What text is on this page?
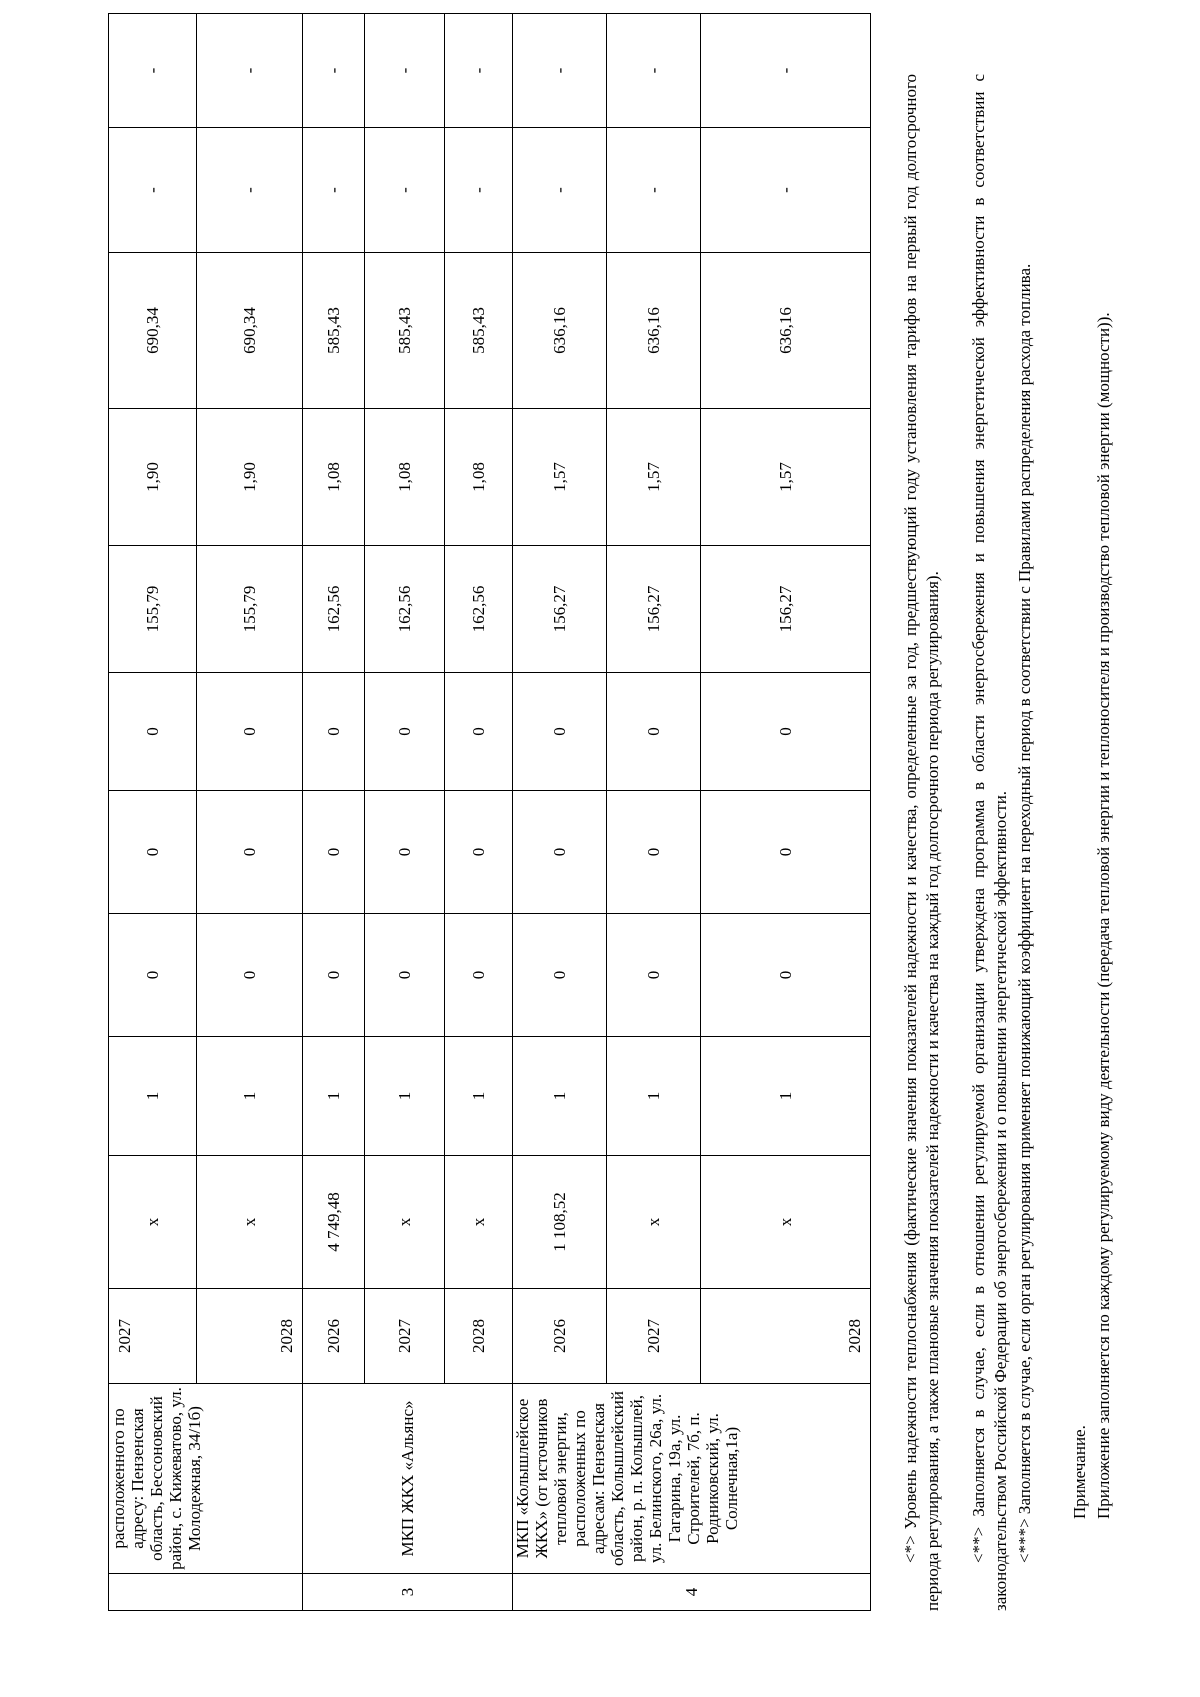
	расположенного по адресу: Пензенская область, Бессоновский район, с. Кижеватово, ул. Молодежная, 34/1б)	2027	x	1	0	0	0	155,79	1,90	690,34	-	-
		2028	x	1	0	0	0	155,79	1,90	690,34	-	-
3	МКП ЖКХ «Альянс»	2026	4 749,48	1	0	0	0	162,56	1,08	585,43	-	-
		2027	x	1	0	0	0	162,56	1,08	585,43	-	-
		2028	x	1	0	0	0	162,56	1,08	585,43	-	-
4	МКП «Колышлейское ЖКХ» (от источников тепловой энергии, расположенных по адресам: Пензенская область, Колышлейский район, р. п. Колышлей, ул. Белинского, 26а, ул. Гагарина, 19а, ул. Строителей, 7б, п. Родниковский, ул. Солнечная,1а)	2026	1 108,52	1	0	0	0	156,27	1,57	636,16	-	-
		2027	x	1	0	0	0	156,27	1,57	636,16	-	-
		2028	x	1	0	0	0	156,27	1,57	636,16	-	-
<*> Уровень надежности теплоснабжения (фактические значения показателей надежности и качества, определенные за год, предшествующий году установления тарифов на первый год долгосрочного периода регулирования, а также плановые значения показателей надежности и качества на каждый год долгосрочного периода регулирования). <**> Заполняется в случае, если в отношении регулируемой организации утверждена программа в области энергосбережения и повышения энергетической эффективности в соответствии с законодательством Российской Федерации об энергосбережении и о повышении энергетической эффективности. <***> Заполняется в случае, если орган регулирования применяет понижающий коэффициент на переходный период в соответствии с Правилами распределения расхода топлива. Примечание. Приложение заполняется по каждому регулируемому виду деятельности (передача тепловой энергии и теплоносителя и производство тепловой энергии (мощности)).
